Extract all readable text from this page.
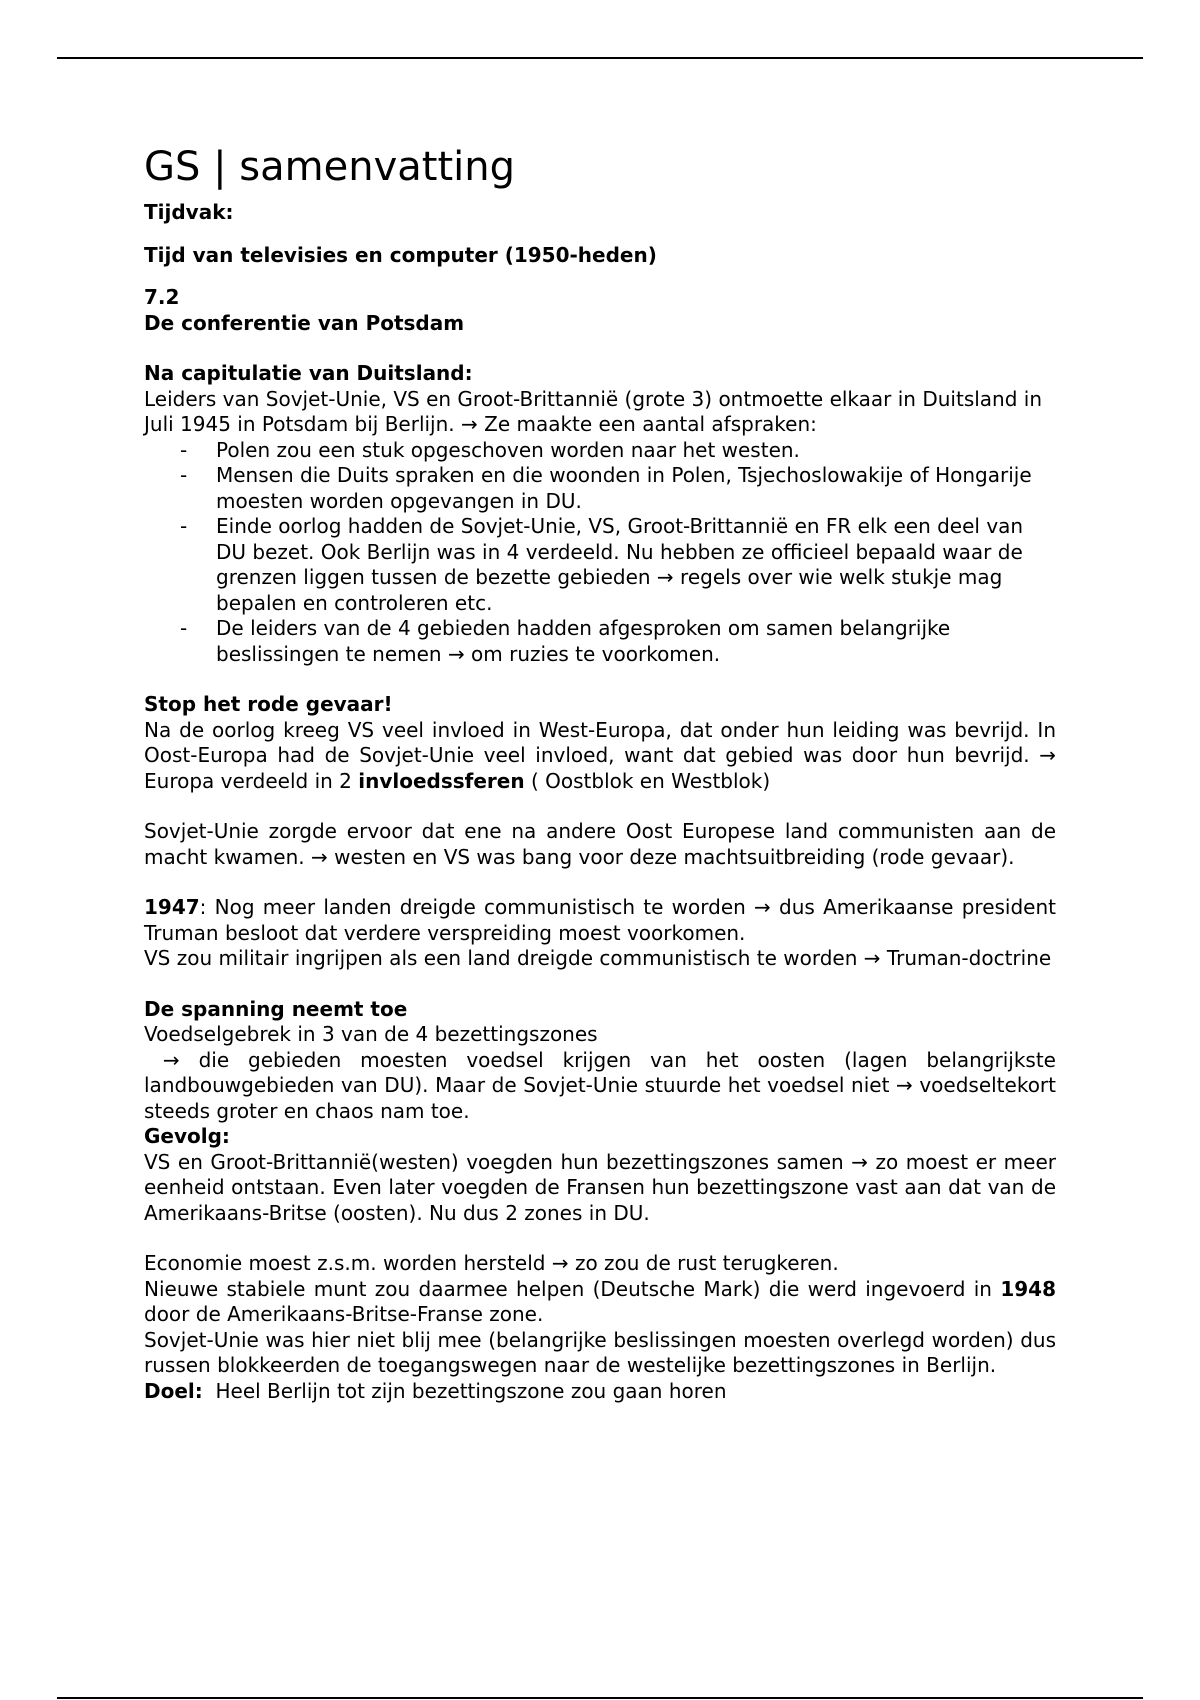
GS | samenvatting

Tijdvak:

Tijd van televisies en computer (1950-heden)

7.2

De conferentie van Potsdam

Na capitulatie van Duitsland:

Leiders van Sovjet-Unie, VS en Groot-Brittannië (grote 3) ontmoette elkaar in Duitsland in Juli 1945 in Potsdam bij Berlijn. → Ze maakte een aantal afspraken:

- Polen zou een stuk opgeschoven worden naar het westen.
- Mensen die Duits spraken en die woonden in Polen, Tsjechoslowakije of Hongarije moesten worden opgevangen in DU.
- Einde oorlog hadden de Sovjet-Unie, VS, Groot-Brittannië en FR elk een deel van DU bezet. Ook Berlijn was in 4 verdeeld. Nu hebben ze officieel bepaald waar de grenzen liggen tussen de bezette gebieden → regels over wie welk stukje mag bepalen en controleren etc.
- De leiders van de 4 gebieden hadden afgesproken om samen belangrijke beslissingen te nemen → om ruzies te voorkomen.

Stop het rode gevaar!

Na de oorlog kreeg VS veel invloed in West-Europa, dat onder hun leiding was bevrijd. In Oost-Europa had de Sovjet-Unie veel invloed, want dat gebied was door hun bevrijd. → Europa verdeeld in 2 invloedssferen ( Oostblok en Westblok)

Sovjet-Unie zorgde ervoor dat ene na andere Oost Europese land communisten aan de macht kwamen. → westen en VS was bang voor deze machtsuitbreiding (rode gevaar).

1947: Nog meer landen dreigde communistisch te worden → dus Amerikaanse president Truman besloot dat verdere verspreiding moest voorkomen.

VS zou militair ingrijpen als een land dreigde communistisch te worden → Truman-doctrine

De spanning neemt toe

Voedselgebrek in 3 van de 4 bezettingszones

→ die gebieden moesten voedsel krijgen van het oosten (lagen belangrijkste landbouwgebieden van DU). Maar de Sovjet-Unie stuurde het voedsel niet → voedseltekort steeds groter en chaos nam toe.

Gevolg:

VS en Groot-Brittannië(westen) voegden hun bezettingszones samen → zo moest er meer eenheid ontstaan. Even later voegden de Fransen hun bezettingszone vast aan dat van de Amerikaans-Britse (oosten). Nu dus 2 zones in DU.

Economie moest z.s.m. worden hersteld → zo zou de rust terugkeren.

Nieuwe stabiele munt zou daarmee helpen (Deutsche Mark) die werd ingevoerd in 1948 door de Amerikaans-Britse-Franse zone.

Sovjet-Unie was hier niet blij mee (belangrijke beslissingen moesten overlegd worden) dus russen blokkeerden de toegangswegen naar de westelijke bezettingszones in Berlijn.

Doel:  Heel Berlijn tot zijn bezettingszone zou gaan horen
